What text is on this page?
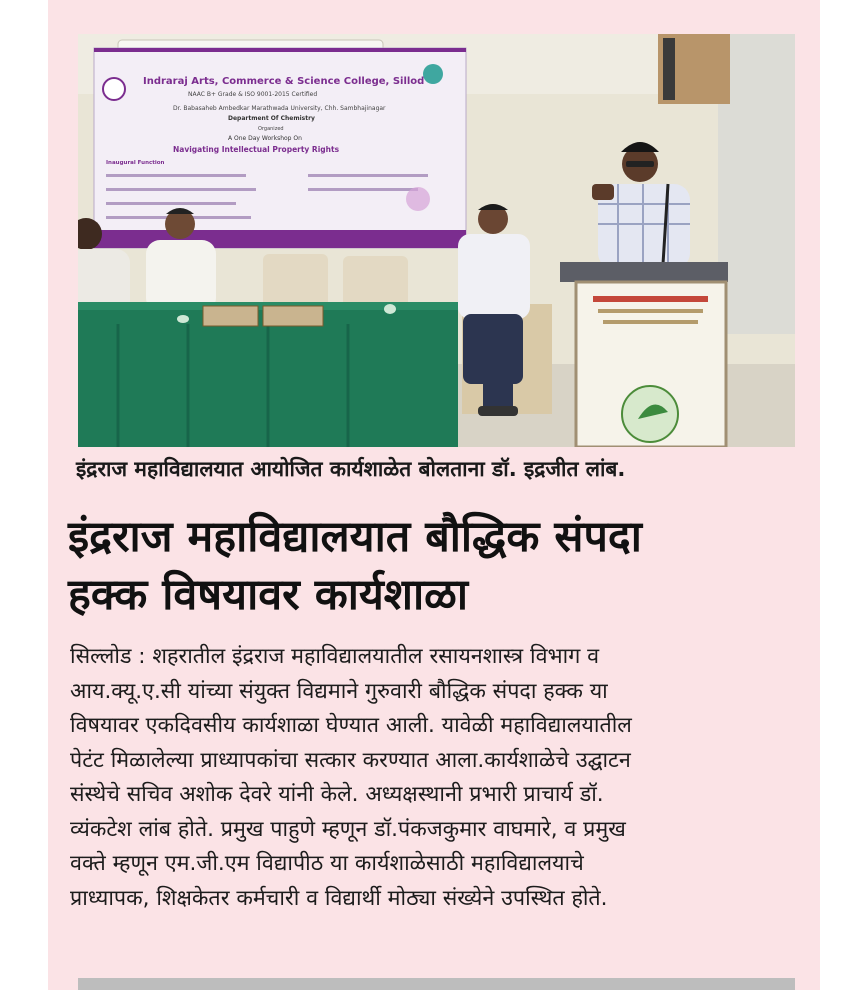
Indraraj Arts, Commerce & Science College, Sillod
NAAC B+ Grade & ISO 9001-2015 Certified
Dr. Babasaheb Ambedkar Marathwada University, Chh. Sambhajinagar
Department Of Chemistry
Organized
A One Day Workshop On
Navigating Intellectual Property Rights
Inaugural Function
इंद्रराज महाविद्यालयात आयोजित कार्यशाळेत बोलताना डॉ. इद्रजीत लांब.
इंद्रराज महाविद्यालयात बौद्धिक संपदा
हक्क विषयावर कार्यशाळा
सिल्लोड : शहरातील इंद्रराज महाविद्यालयातील रसायनशास्त्र विभाग व
आय.क्यू.ए.सी यांच्या संयुक्त विद्यमाने गुरुवारी बौद्धिक संपदा हक्क या
विषयावर एकदिवसीय कार्यशाळा घेण्यात आली. यावेळी महाविद्यालयातील
पेटंट मिळालेल्या प्राध्यापकांचा सत्कार करण्यात आला.कार्यशाळेचे उद्घाटन
संस्थेचे सचिव अशोक देवरे यांनी केले. अध्यक्षस्थानी प्रभारी प्राचार्य डॉ.
व्यंकटेश लांब होते. प्रमुख पाहुणे म्हणून डॉ.पंकजकुमार वाघमारे, व प्रमुख
वक्ते म्हणून एम.जी.एम विद्यापीठ या कार्यशाळेसाठी महाविद्यालयाचे
प्राध्यापक, शिक्षकेतर कर्मचारी व विद्यार्थी मोठ्या संख्येने उपस्थित होते.
